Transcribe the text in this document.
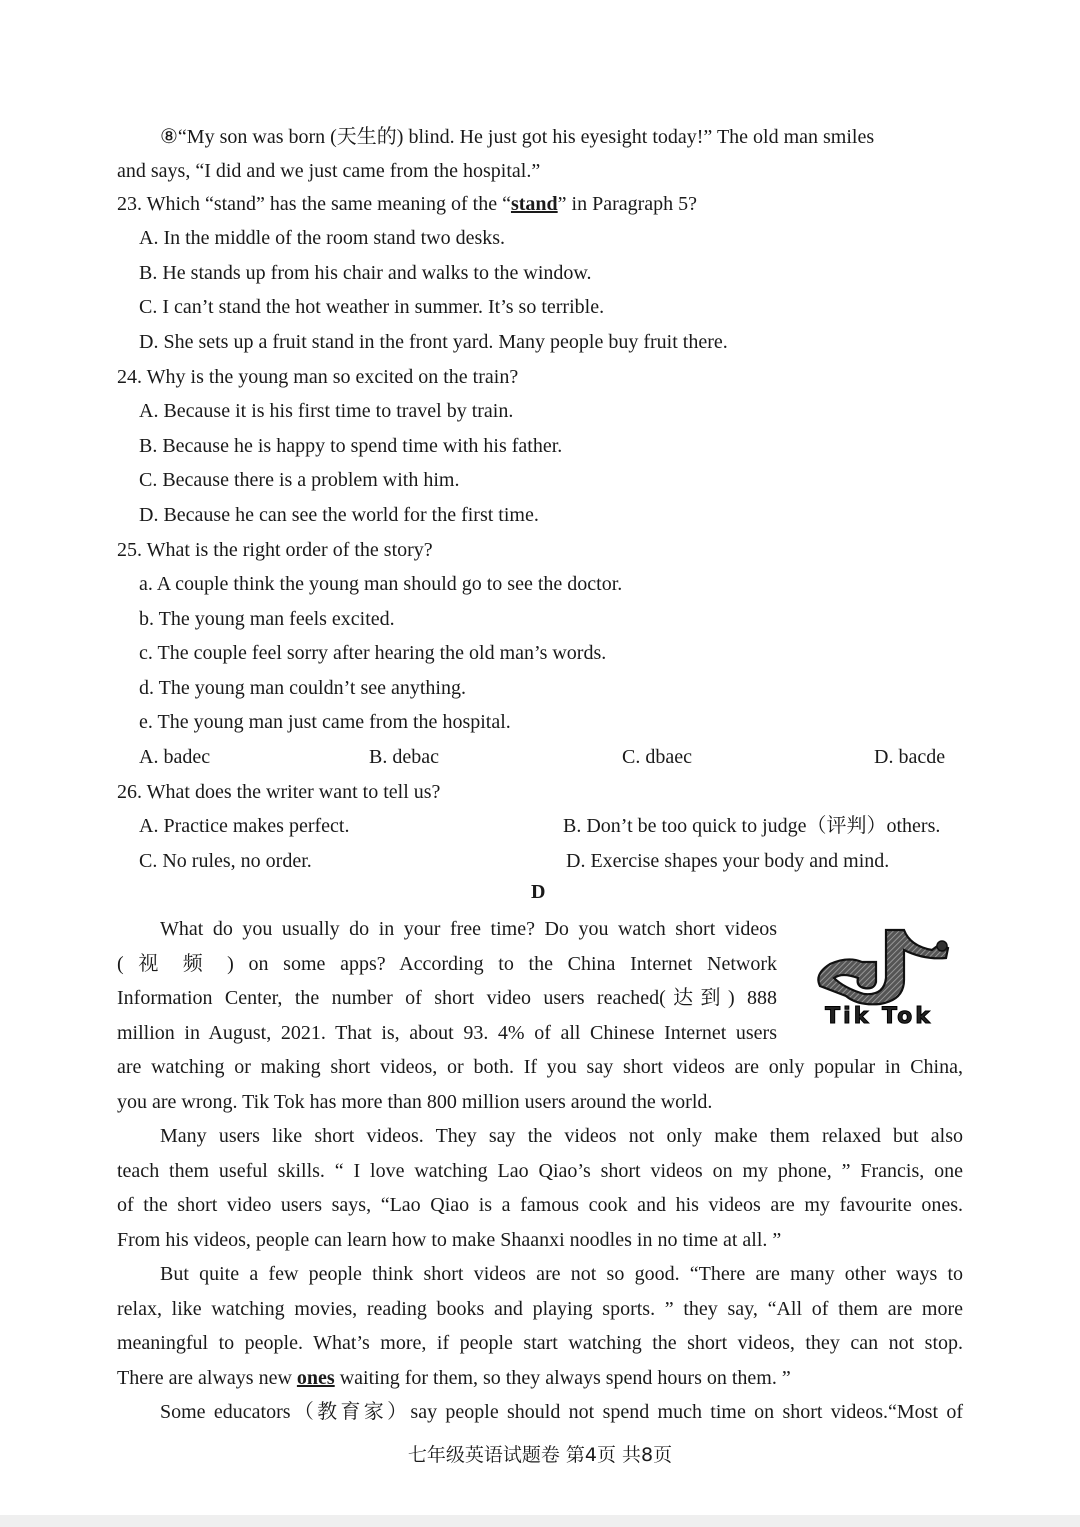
⑧“My son was born (天生的) blind. He just got his eyesight today!” The old man smiles
and says, “I did and we just came from the hospital.”
23. Which “stand” has the same meaning of the “stand” in Paragraph 5?
A. In the middle of the room stand two desks.
B. He stands up from his chair and walks to the window.
C. I can’t stand the hot weather in summer. It’s so terrible.
D. She sets up a fruit stand in the front yard. Many people buy fruit there.
24. Why is the young man so excited on the train?
A. Because it is his first time to travel by train.
B. Because he is happy to spend time with his father.
C. Because there is a problem with him.
D. Because he can see the world for the first time.
25. What is the right order of the story?
a. A couple think the young man should go to see the doctor.
b. The young man feels excited.
c. The couple feel sorry after hearing the old man’s words.
d. The young man couldn’t see anything.
e. The young man just came from the hospital.
A. badec	B. debac	C. dbaec	D. bacde
26. What does the writer want to tell us?
A. Practice makes perfect.	B. Don’t be too quick to judge（评判）others.
C. No rules, no order.	D. Exercise shapes your body and mind.
D
What do you usually do in your free time? Do you watch short videos
( 视 频 ) on some apps? According to the China Internet Network
Information Center, the number of short video users reached(达到) 888
million in August, 2021. That is, about 93. 4% of all Chinese Internet users
are watching or making short videos, or both. If you say short videos are only popular in China,
you are wrong. Tik Tok has more than 800 million users around the world.
Tik Tok
Many users like short videos. They say the videos not only make them relaxed but also
teach them useful skills. “ I love watching Lao Qiao’s short videos on my phone, ” Francis, one
of the short video users says, “Lao Qiao is a famous cook and his videos are my favourite ones.
From his videos, people can learn how to make Shaanxi noodles in no time at all. ”
But quite a few people think short videos are not so good. “There are many other ways to
relax, like watching movies, reading books and playing sports. ” they say, “All of them are more
meaningful to people. What’s more, if people start watching the short videos, they can not stop.
There are always new ones waiting for them, so they always spend hours on them. ”
Some educators（教育家）say people should not spend much time on short videos.“Most of
七年级英语试题卷 第4页 共8页
